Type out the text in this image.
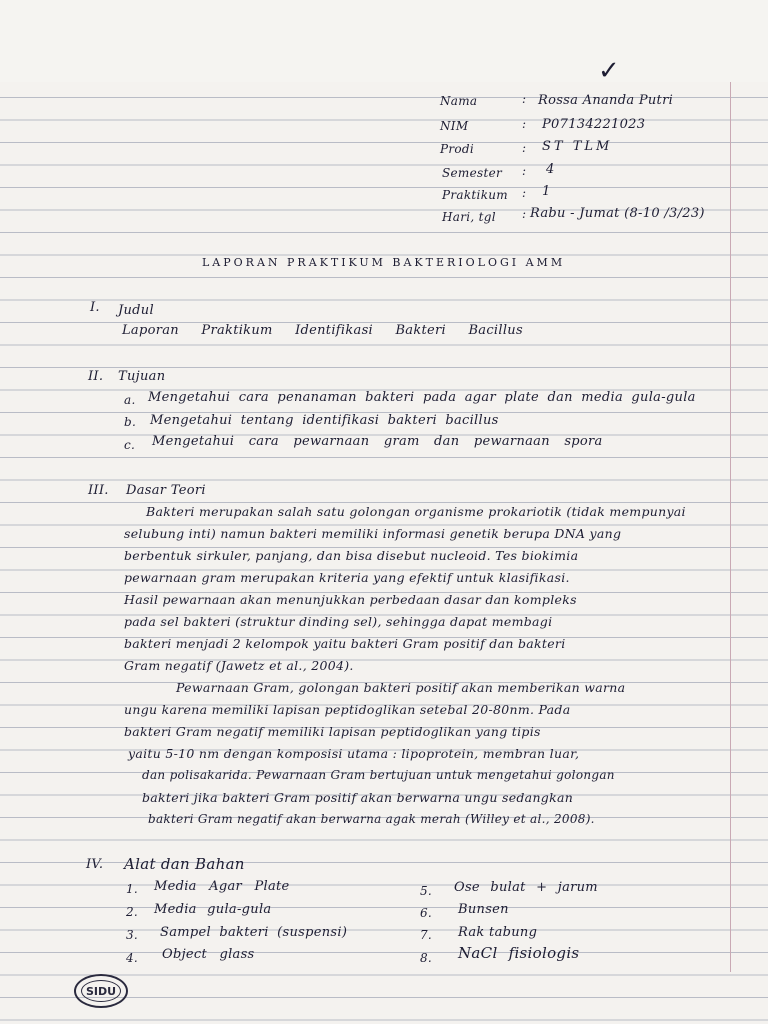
✓
Nama	: Rossa Ananda Putri
NIM	: P07134221023
Prodi	: ST TLM
Semester : 4
Praktikum : 1
Hari, tgl : Rabu - Jumat (8-10 /3/23)
LAPORAN PRAKTIKUM BAKTERIOLOGI AMM
I. Judul
Laporan Praktikum Identifikasi Bakteri Bacillus
II. Tujuan
a. Mengetahui cara penanaman bakteri pada agar plate dan media gula-gula
b. Mengetahui tentang identifikasi bakteri bacillus
c. Mengetahui cara pewarnaan gram dan pewarnaan spora
III. Dasar Teori
Bakteri merupakan salah satu golongan organisme prokariotik (tidak mempunyai
selubung inti) namun bakteri memiliki informasi genetik berupa DNA yang
berbentuk sirkuler, panjang, dan bisa disebut nucleoid. Tes biokimia
pewarnaan gram merupakan kriteria yang efektif untuk klasifikasi.
Hasil pewarnaan akan menunjukkan perbedaan dasar dan kompleks
pada sel bakteri (struktur dinding sel), sehingga dapat membagi
bakteri menjadi 2 kelompok yaitu bakteri Gram positif dan bakteri
Gram negatif (Jawetz et al., 2004).
Pewarnaan Gram, golongan bakteri positif akan memberikan warna
ungu karena memiliki lapisan peptidoglikan setebal 20-80nm. Pada
bakteri Gram negatif memiliki lapisan peptidoglikan yang tipis
yaitu 5-10 nm dengan komposisi utama : lipoprotein, membran luar,
dan polisakarida. Pewarnaan Gram bertujuan untuk mengetahui golongan
bakteri jika bakteri Gram positif akan berwarna ungu sedangkan
bakteri Gram negatif akan berwarna agak merah (Willey et al., 2008).
IV. Alat dan Bahan
1. Media Agar Plate
2. Media gula-gula
3. Sampel bakteri (suspensi)
4. Object glass
5. Ose bulat + jarum
6. Bunsen
7. Rak tabung
8. NaCl fisiologis
SIDU
